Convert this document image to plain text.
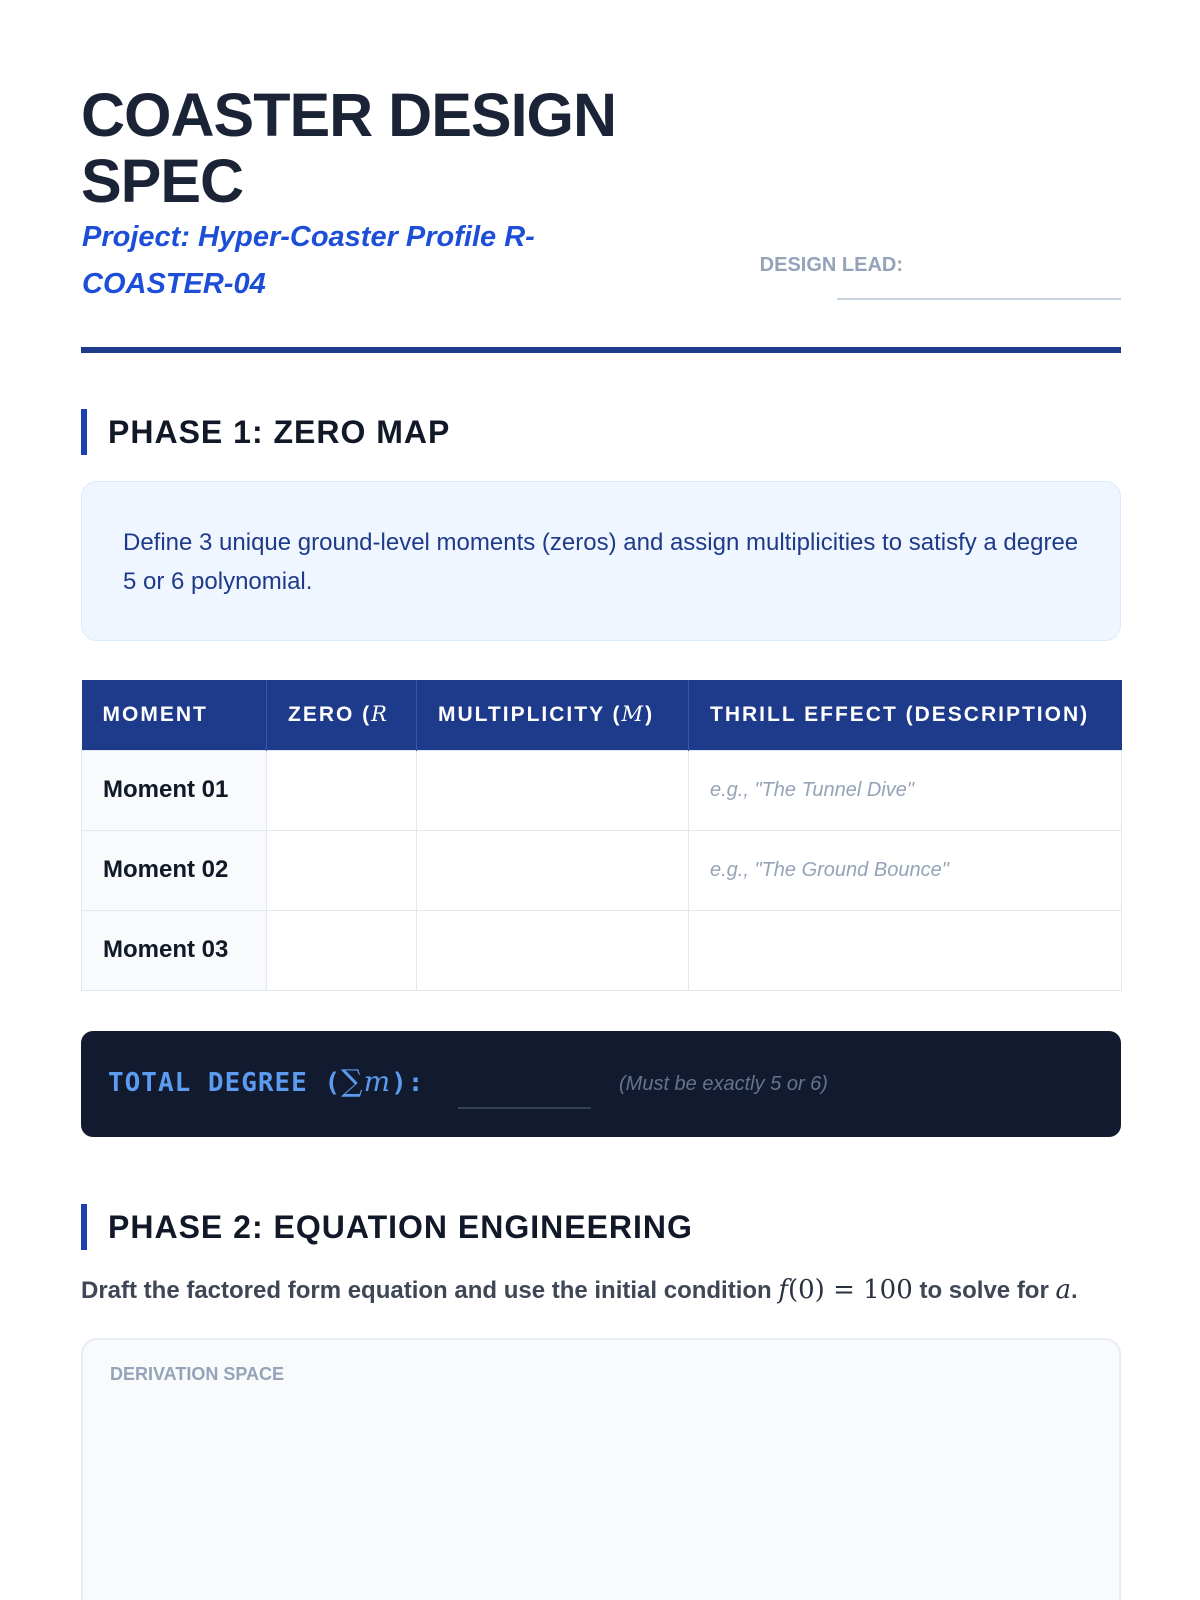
COASTER DESIGN SPEC
Project: Hyper-Coaster Profile R-COASTER-04
DESIGN LEAD:
PHASE 1: ZERO MAP
Define 3 unique ground-level moments (zeros) and assign multiplicities to satisfy a degree 5 or 6 polynomial.
MOMENT	ZERO (R	MULTIPLICITY (M)	THRILL EFFECT (DESCRIPTION)
Moment 01			e.g., "The Tunnel Dive"
Moment 02			e.g., "The Ground Bounce"
Moment 03			
TOTAL DEGREE (∑m):	(Must be exactly 5 or 6)
PHASE 2: EQUATION ENGINEERING
Draft the factored form equation and use the initial condition f(0) = 100 to solve for a.
DERIVATION SPACE
